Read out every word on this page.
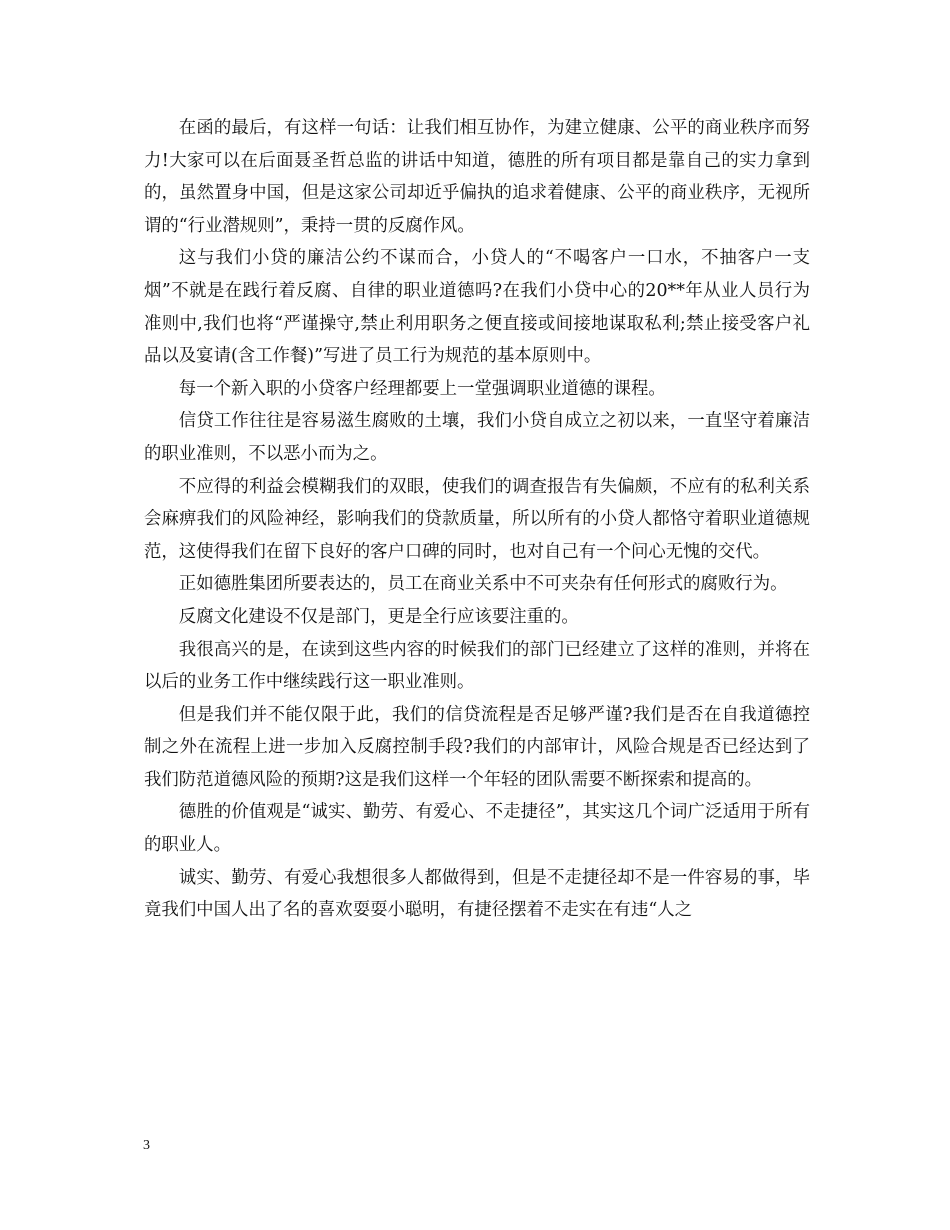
在函的最后，有这样一句话：让我们相互协作，为建立健康、公平的商业秩序而努力!大家可以在后面聂圣哲总监的讲话中知道，德胜的所有项目都是靠自己的实力拿到的，虽然置身中国，但是这家公司却近乎偏执的追求着健康、公平的商业秩序，无视所谓的“行业潜规则”，秉持一贯的反腐作风。

这与我们小贷的廉洁公约不谋而合，小贷人的“不喝客户一口水，不抽客户一支烟”不就是在践行着反腐、自律的职业道德吗?在我们小贷中心的20**年从业人员行为准则中,我们也将“严谨操守,禁止利用职务之便直接或间接地谋取私利;禁止接受客户礼品以及宴请(含工作餐)”写进了员工行为规范的基本原则中。

每一个新入职的小贷客户经理都要上一堂强调职业道德的课程。

信贷工作往往是容易滋生腐败的土壤，我们小贷自成立之初以来，一直坚守着廉洁的职业准则，不以恶小而为之。

不应得的利益会模糊我们的双眼，使我们的调查报告有失偏颇，不应有的私利关系会麻痹我们的风险神经，影响我们的贷款质量，所以所有的小贷人都恪守着职业道德规范，这使得我们在留下良好的客户口碑的同时，也对自己有一个问心无愧的交代。

正如德胜集团所要表达的，员工在商业关系中不可夹杂有任何形式的腐败行为。

反腐文化建设不仅是部门，更是全行应该要注重的。

我很高兴的是，在读到这些内容的时候我们的部门已经建立了这样的准则，并将在以后的业务工作中继续践行这一职业准则。

但是我们并不能仅限于此，我们的信贷流程是否足够严谨?我们是否在自我道德控制之外在流程上进一步加入反腐控制手段?我们的内部审计，风险合规是否已经达到了我们防范道德风险的预期?这是我们这样一个年轻的团队需要不断探索和提高的。

德胜的价值观是“诚实、勤劳、有爱心、不走捷径”，其实这几个词广泛适用于所有的职业人。

诚实、勤劳、有爱心我想很多人都做得到，但是不走捷径却不是一件容易的事，毕竟我们中国人出了名的喜欢耍耍小聪明，有捷径摆着不走实在有违“人之

3
